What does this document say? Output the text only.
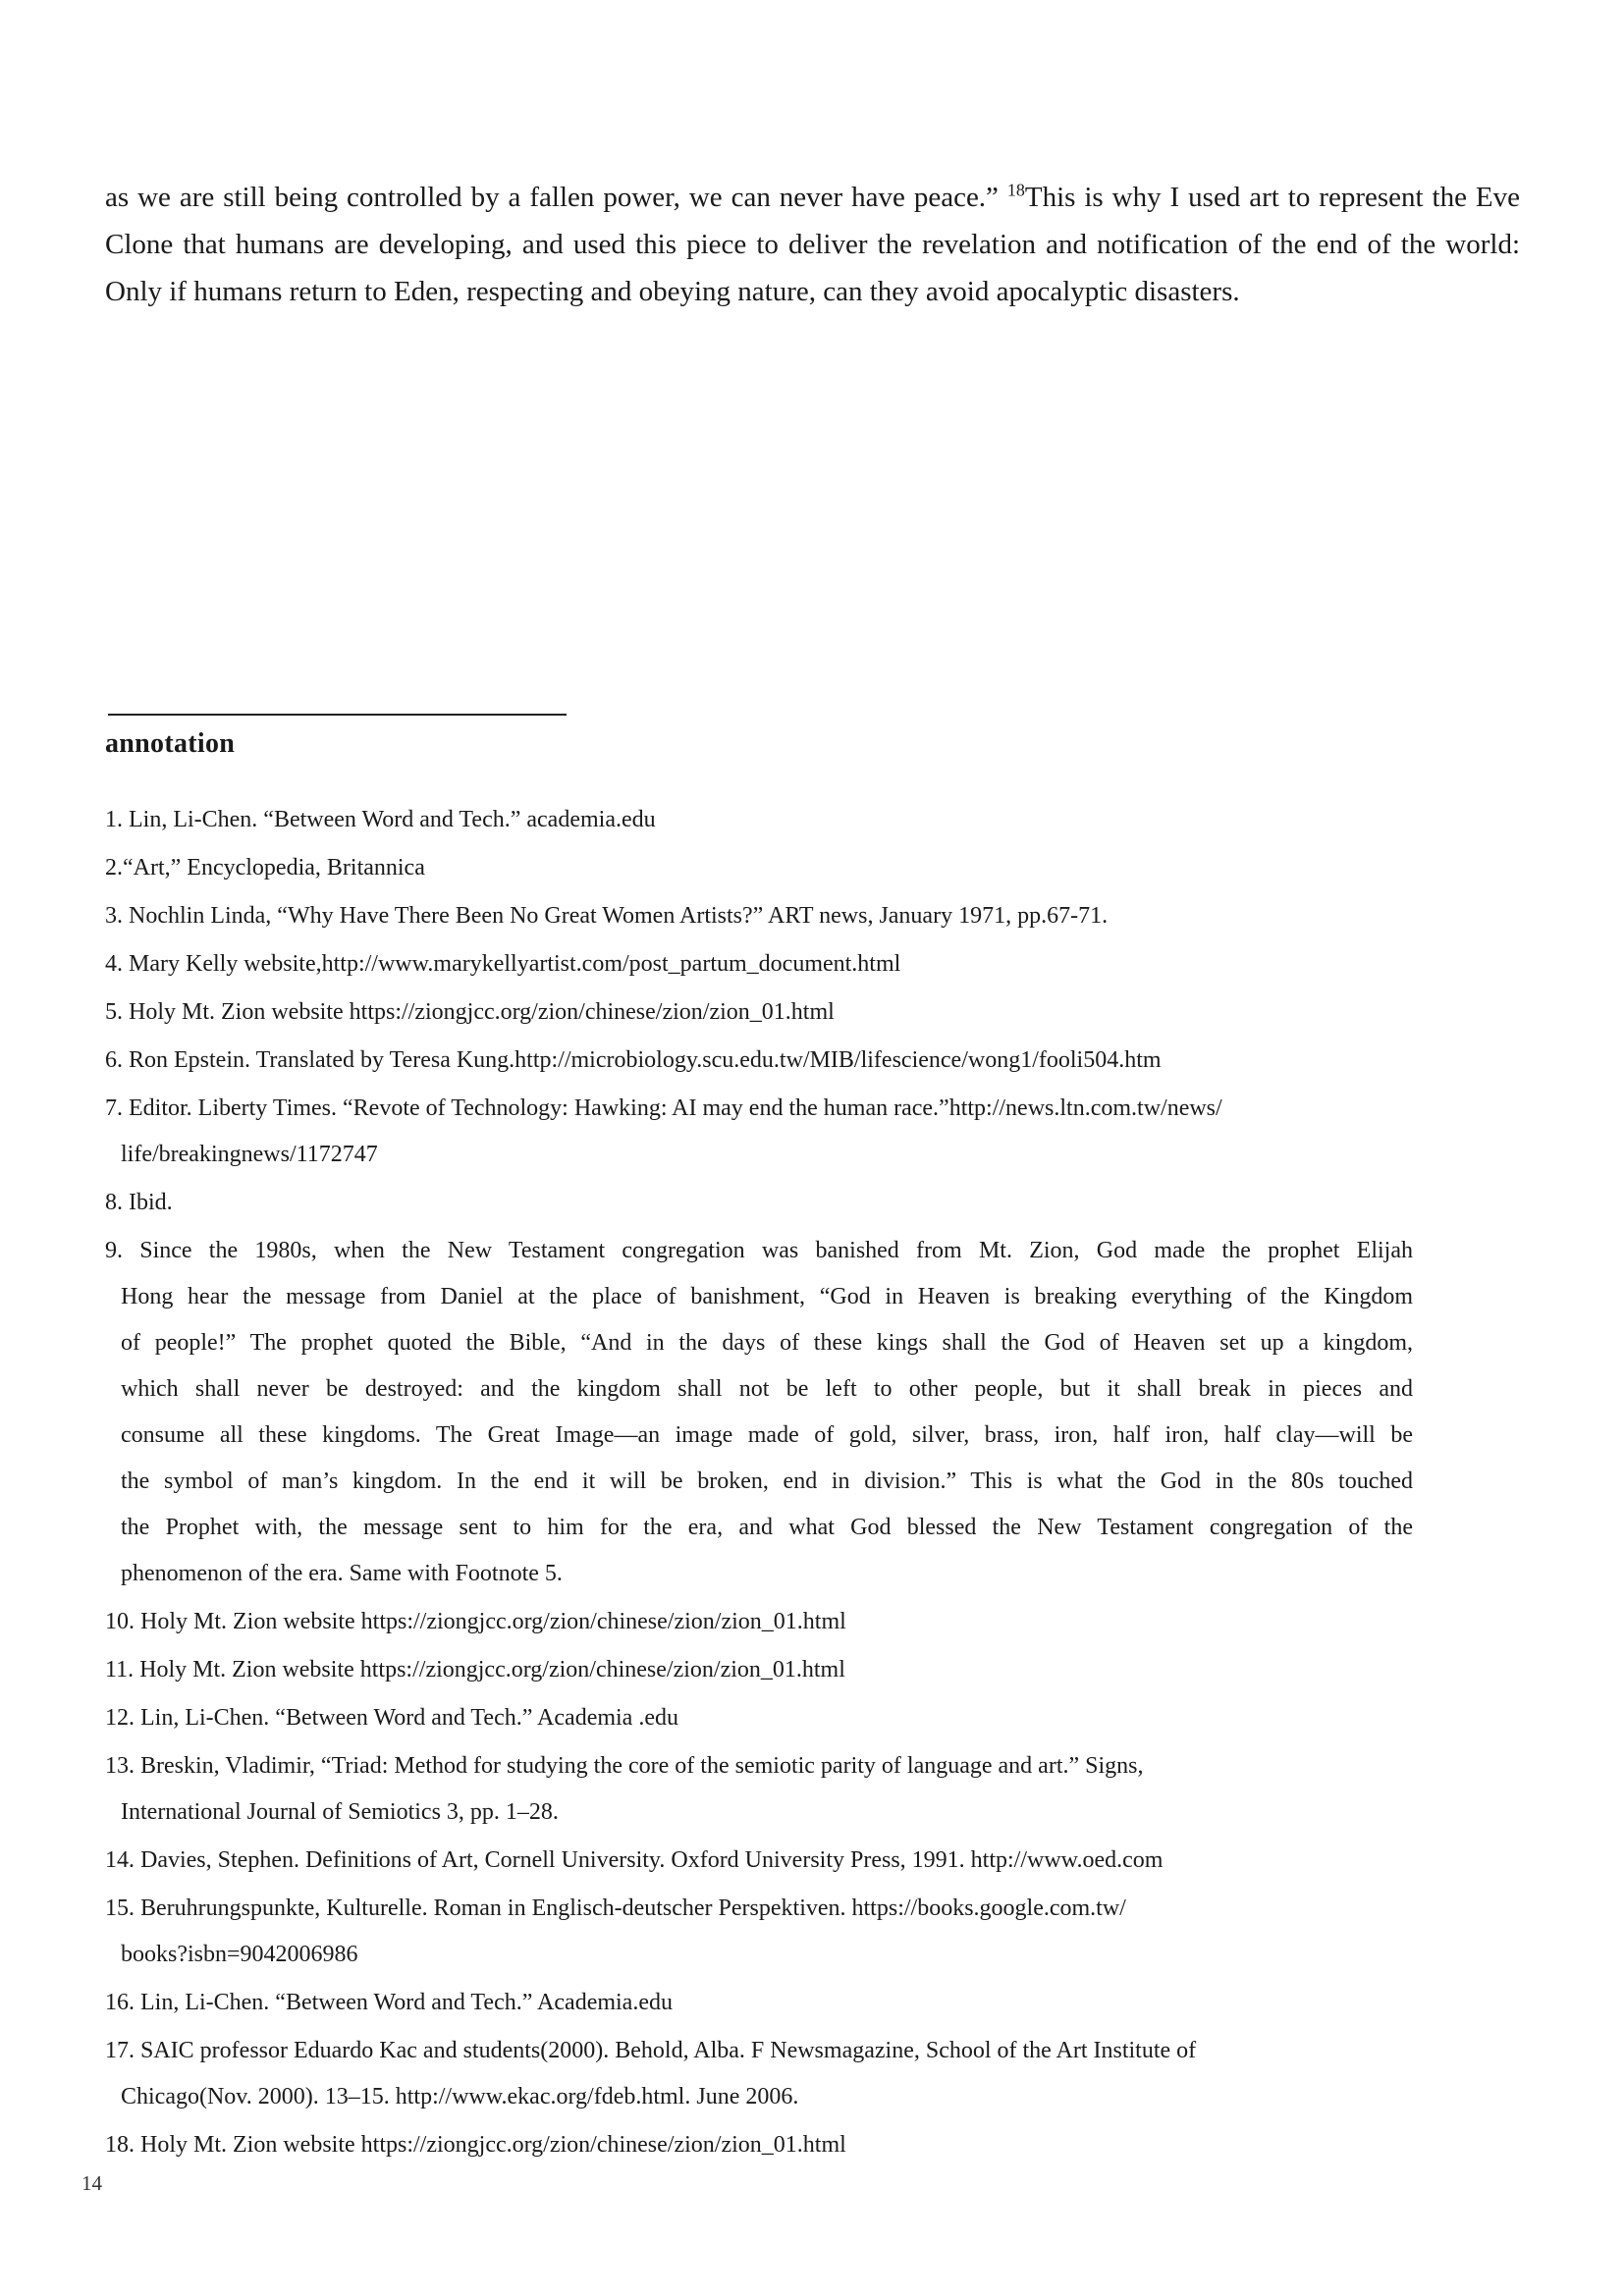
as we are still being controlled by a fallen power, we can never have peace.” $^{18}$This is why I used art to represent the Eve Clone that humans are developing, and used this piece to deliver the revelation and notification of the end of the world: Only if humans return to Eden, respecting and obeying nature, can they avoid apocalyptic disasters.

annotation
1. Lin, Li-Chen. “Between Word and Tech.” academia.edu
2.“Art,” Encyclopedia, Britannica
3. Nochlin Linda, “Why Have There Been No Great Women Artists?” ART news, January 1971, pp.67-71.
4. Mary Kelly website,http://www.marykellyartist.com/post_partum_document.html
5. Holy Mt. Zion website https://ziongjcc.org/zion/chinese/zion/zion_01.html
6. Ron Epstein. Translated by Teresa Kung.http://microbiology.scu.edu.tw/MIB/lifescience/wong1/fooli504.htm
7. Editor. Liberty Times. “Revote of Technology: Hawking: AI may end the human race.”http://news.ltn.com.tw/news/
life/breakingnews/1172747
8. Ibid.
9. Since the 1980s, when the New Testament congregation was banished from Mt. Zion, God made the prophet Elijah
Hong hear the message from Daniel at the place of banishment, “God in Heaven is breaking everything of the Kingdom
of people!” The prophet quoted the Bible, “And in the days of these kings shall the God of Heaven set up a kingdom,
which shall never be destroyed: and the kingdom shall not be left to other people, but it shall break in pieces and
consume all these kingdoms. The Great Image—an image made of gold, silver, brass, iron, half iron, half clay—will be
the symbol of man’s kingdom. In the end it will be broken, end in division.” This is what the God in the 80s touched
the Prophet with, the message sent to him for the era, and what God blessed the New Testament congregation of the
phenomenon of the era. Same with Footnote 5.
10. Holy Mt. Zion website https://ziongjcc.org/zion/chinese/zion/zion_01.html
11. Holy Mt. Zion website https://ziongjcc.org/zion/chinese/zion/zion_01.html
12. Lin, Li-Chen. “Between Word and Tech.” Academia .edu
13. Breskin, Vladimir, “Triad: Method for studying the core of the semiotic parity of language and art.” Signs,
International Journal of Semiotics 3, pp. 1–28.
14. Davies, Stephen. Definitions of Art, Cornell University. Oxford University Press, 1991. http://www.oed.com
15. Beruhrungspunkte, Kulturelle. Roman in Englisch-deutscher Perspektiven. https://books.google.com.tw/
books?isbn=9042006986
16. Lin, Li-Chen. “Between Word and Tech.” Academia.edu
17. SAIC professor Eduardo Kac and students(2000). Behold, Alba. F Newsmagazine, School of the Art Institute of
Chicago(Nov. 2000). 13–15. http://www.ekac.org/fdeb.html. June 2006.
18. Holy Mt. Zion website https://ziongjcc.org/zion/chinese/zion/zion_01.html
14
